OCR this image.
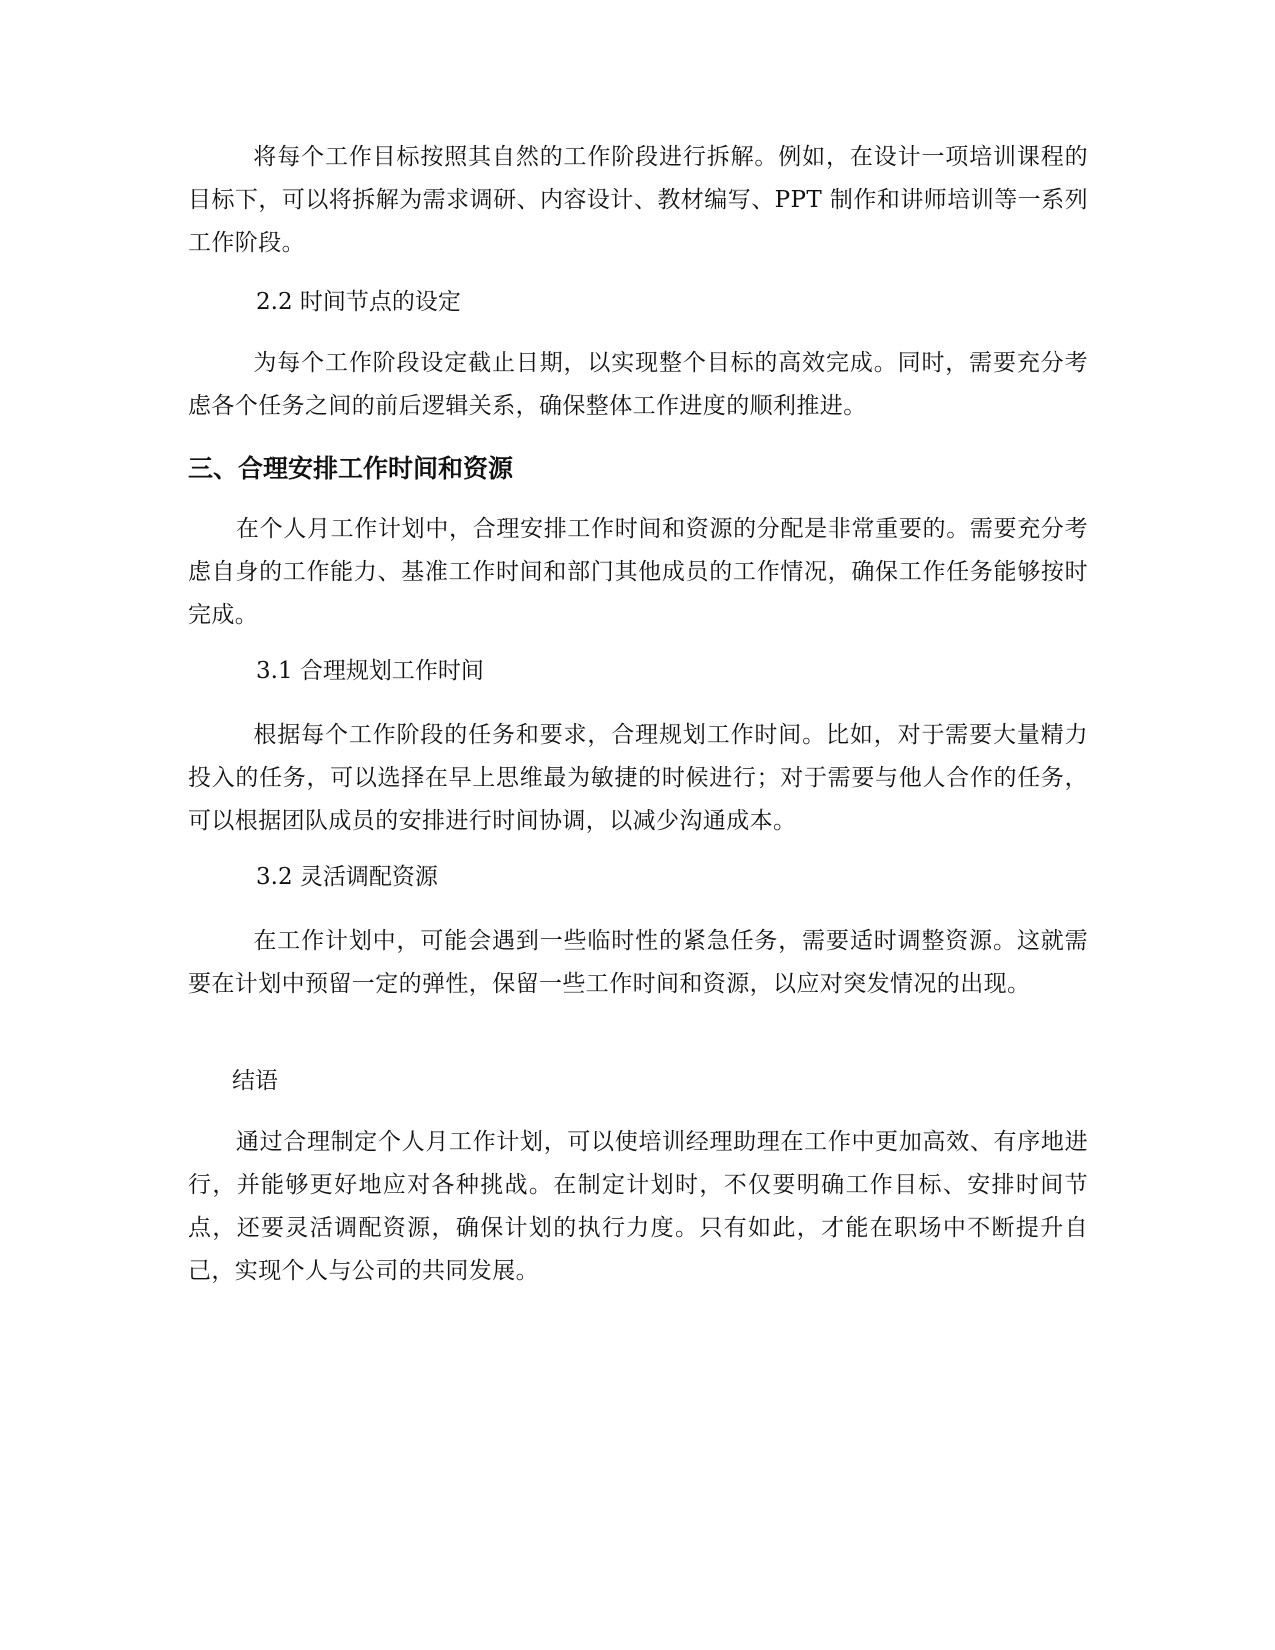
将每个工作目标按照其自然的工作阶段进行拆解。例如，在设计一项培训课程的目标下，可以将拆解为需求调研、内容设计、教材编写、PPT 制作和讲师培训等一系列工作阶段。

2.2 时间节点的设定

为每个工作阶段设定截止日期，以实现整个目标的高效完成。同时，需要充分考虑各个任务之间的前后逻辑关系，确保整体工作进度的顺利推进。

三、合理安排工作时间和资源

在个人月工作计划中，合理安排工作时间和资源的分配是非常重要的。需要充分考虑自身的工作能力、基准工作时间和部门其他成员的工作情况，确保工作任务能够按时完成。

3.1 合理规划工作时间

根据每个工作阶段的任务和要求，合理规划工作时间。比如，对于需要大量精力投入的任务，可以选择在早上思维最为敏捷的时候进行；对于需要与他人合作的任务，可以根据团队成员的安排进行时间协调，以减少沟通成本。

3.2 灵活调配资源

在工作计划中，可能会遇到一些临时性的紧急任务，需要适时调整资源。这就需要在计划中预留一定的弹性，保留一些工作时间和资源，以应对突发情况的出现。

结语

通过合理制定个人月工作计划，可以使培训经理助理在工作中更加高效、有序地进行，并能够更好地应对各种挑战。在制定计划时，不仅要明确工作目标、安排时间节点，还要灵活调配资源，确保计划的执行力度。只有如此，才能在职场中不断提升自己，实现个人与公司的共同发展。
